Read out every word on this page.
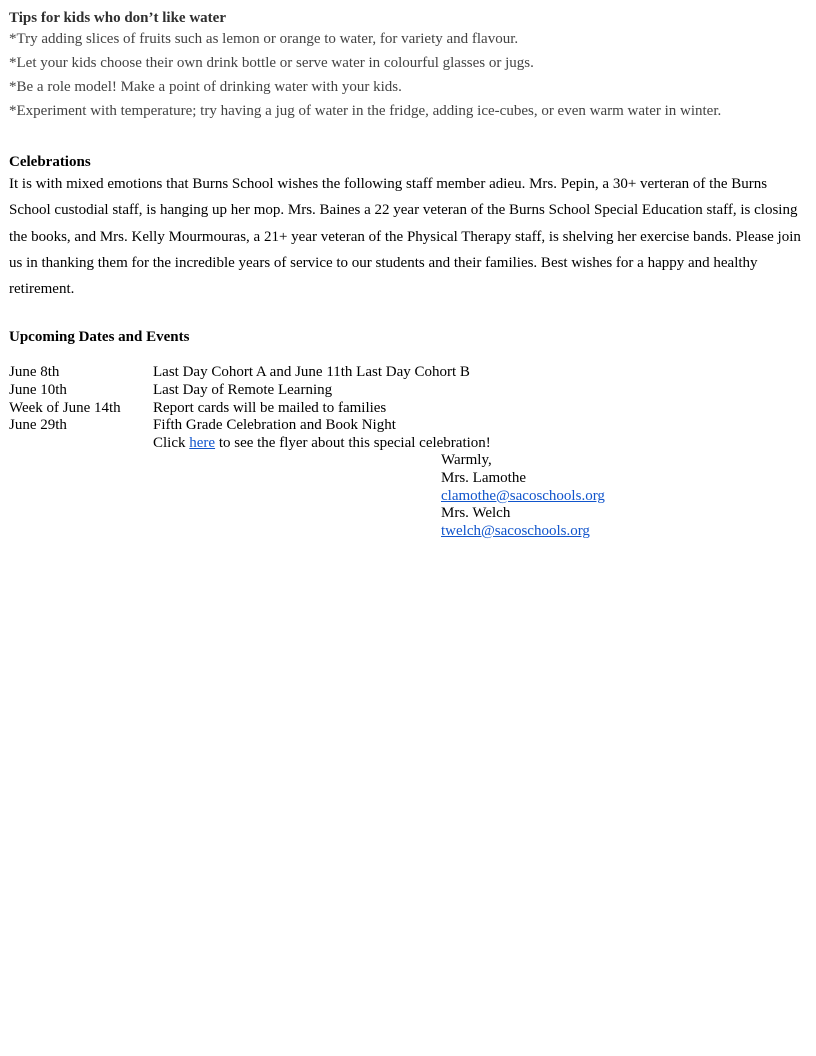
Tips for kids who don’t like water
*Try adding slices of fruits such as lemon or orange to water, for variety and flavour.
*Let your kids choose their own drink bottle or serve water in colourful glasses or jugs.
*Be a role model! Make a point of drinking water with your kids.
*Experiment with temperature; try having a jug of water in the fridge, adding ice-cubes, or even warm water in winter.
Celebrations
It is with mixed emotions that Burns School wishes the following staff member adieu. Mrs. Pepin, a 30+ verteran of the Burns School custodial staff, is hanging up her mop. Mrs. Baines a 22 year veteran of the Burns School Special Education staff, is closing the books, and Mrs. Kelly Mourmouras, a 21+ year veteran of the Physical Therapy staff, is shelving her exercise bands. Please join us in thanking them for the incredible years of service to our students and their families. Best wishes for a happy and healthy retirement.
Upcoming Dates and Events
June 8th	Last Day Cohort A and June 11th Last Day Cohort B
June 10th	Last Day of Remote Learning
Week of June 14th	Report cards will be mailed to families
June 29th	Fifth Grade Celebration and Book Night
Click here to see the flyer about this special celebration!
Warmly,
Mrs. Lamothe
clamothe@sacoschools.org
Mrs. Welch
twelch@sacoschools.org
